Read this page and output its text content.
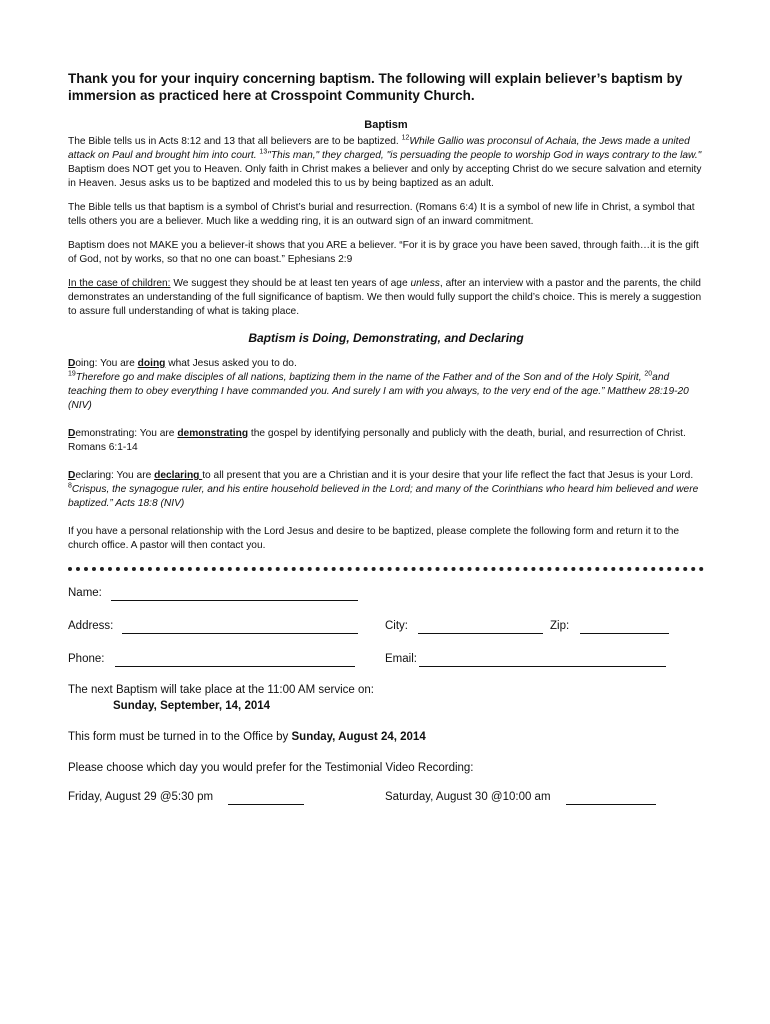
Thank you for your inquiry concerning baptism. The following will explain believer’s baptism by immersion as practiced here at Crosspoint Community Church.

Baptism

The Bible tells us in Acts 8:12 and 13 that all believers are to be baptized. $^{12}$While Gallio was proconsul of Achaia, the Jews made a united attack on Paul and brought him into court. $^{13}$"This man," they charged, "is persuading the people to worship God in ways contrary to the law." Baptism does NOT get you to Heaven. Only faith in Christ makes a believer and only by accepting Christ do we secure salvation and eternity in Heaven. Jesus asks us to be baptized and modeled this to us by being baptized as an adult.

The Bible tells us that baptism is a symbol of Christ’s burial and resurrection. (Romans 6:4) It is a symbol of new life in Christ, a symbol that tells others you are a believer. Much like a wedding ring, it is an outward sign of an inward commitment.

Baptism does not MAKE you a believer-it shows that you ARE a believer. “For it is by grace you have been saved, through faith…it is the gift of God, not by works, so that no one can boast.” Ephesians 2:9

In the case of children: We suggest they should be at least ten years of age unless, after an interview with a pastor and the parents, the child demonstrates an understanding of the full significance of baptism. We then would fully support the child’s choice. This is merely a suggestion to assure full understanding of what is taking place.

Baptism is Doing, Demonstrating, and Declaring

Doing: You are doing what Jesus asked you to do.
$^{19}$Therefore go and make disciples of all nations, baptizing them in the name of the Father and of the Son and of the Holy Spirit, $^{20}$and teaching them to obey everything I have commanded you. And surely I am with you always, to the very end of the age.” Matthew 28:19-20 (NIV)

Demonstrating: You are demonstrating the gospel by identifying personally and publicly with the death, burial, and resurrection of Christ. Romans 6:1-14

Declaring: You are declaring to all present that you are a Christian and it is your desire that your life reflect the fact that Jesus is your Lord. $^8$Crispus, the synagogue ruler, and his entire household believed in the Lord; and many of the Corinthians who heard him believed and were baptized.” Acts 18:8 (NIV)

If you have a personal relationship with the Lord Jesus and desire to be baptized, please complete the following form and return it to the church office. A pastor will then contact you.

Name:
Address:	City:	Zip:
Phone:	Email:

The next Baptism will take place at the 11:00 AM service on:

Sunday, September, 14, 2014

This form must be turned in to the Office by Sunday, August 24, 2014

Please choose which day you would prefer for the Testimonial Video Recording:

Friday, August 29 @5:30 pm	Saturday, August 30 @10:00 am
